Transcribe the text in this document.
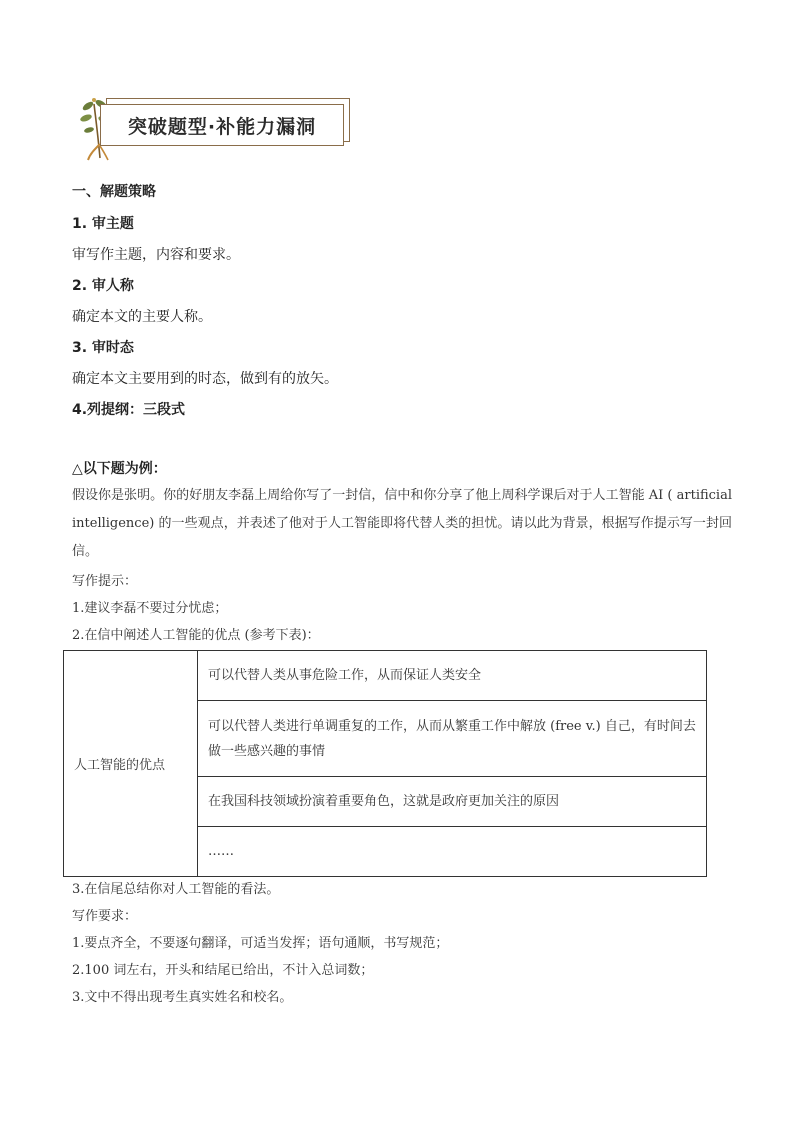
突破题型·补能力漏洞
一、解题策略
1. 审主题
审写作主题，内容和要求。
2. 审人称
确定本文的主要人称。
3. 审时态
确定本文主要用到的时态，做到有的放矢。
4.列提纲：三段式
△以下题为例：
假设你是张明。你的好朋友李磊上周给你写了一封信，信中和你分享了他上周科学课后对于人工智能 AI ( artificial intelligence) 的一些观点，并表述了他对于人工智能即将代替人类的担忧。请以此为背景，根据写作提示写一封回信。
写作提示：
1.建议李磊不要过分忧虑；
2.在信中阐述人工智能的优点 (参考下表)：
人工智能的优点	可以代替人类从事危险工作，从而保证人类安全
可以代替人类进行单调重复的工作，从而从繁重工作中解放 (free v.) 自己，有时间去做一些感兴趣的事情
在我国科技领域扮演着重要角色，这就是政府更加关注的原因
……
3.在信尾总结你对人工智能的看法。
写作要求：
1.要点齐全，不要逐句翻译，可适当发挥；语句通顺，书写规范；
2.100 词左右，开头和结尾已给出，不计入总词数；
3.文中不得出现考生真实姓名和校名。
